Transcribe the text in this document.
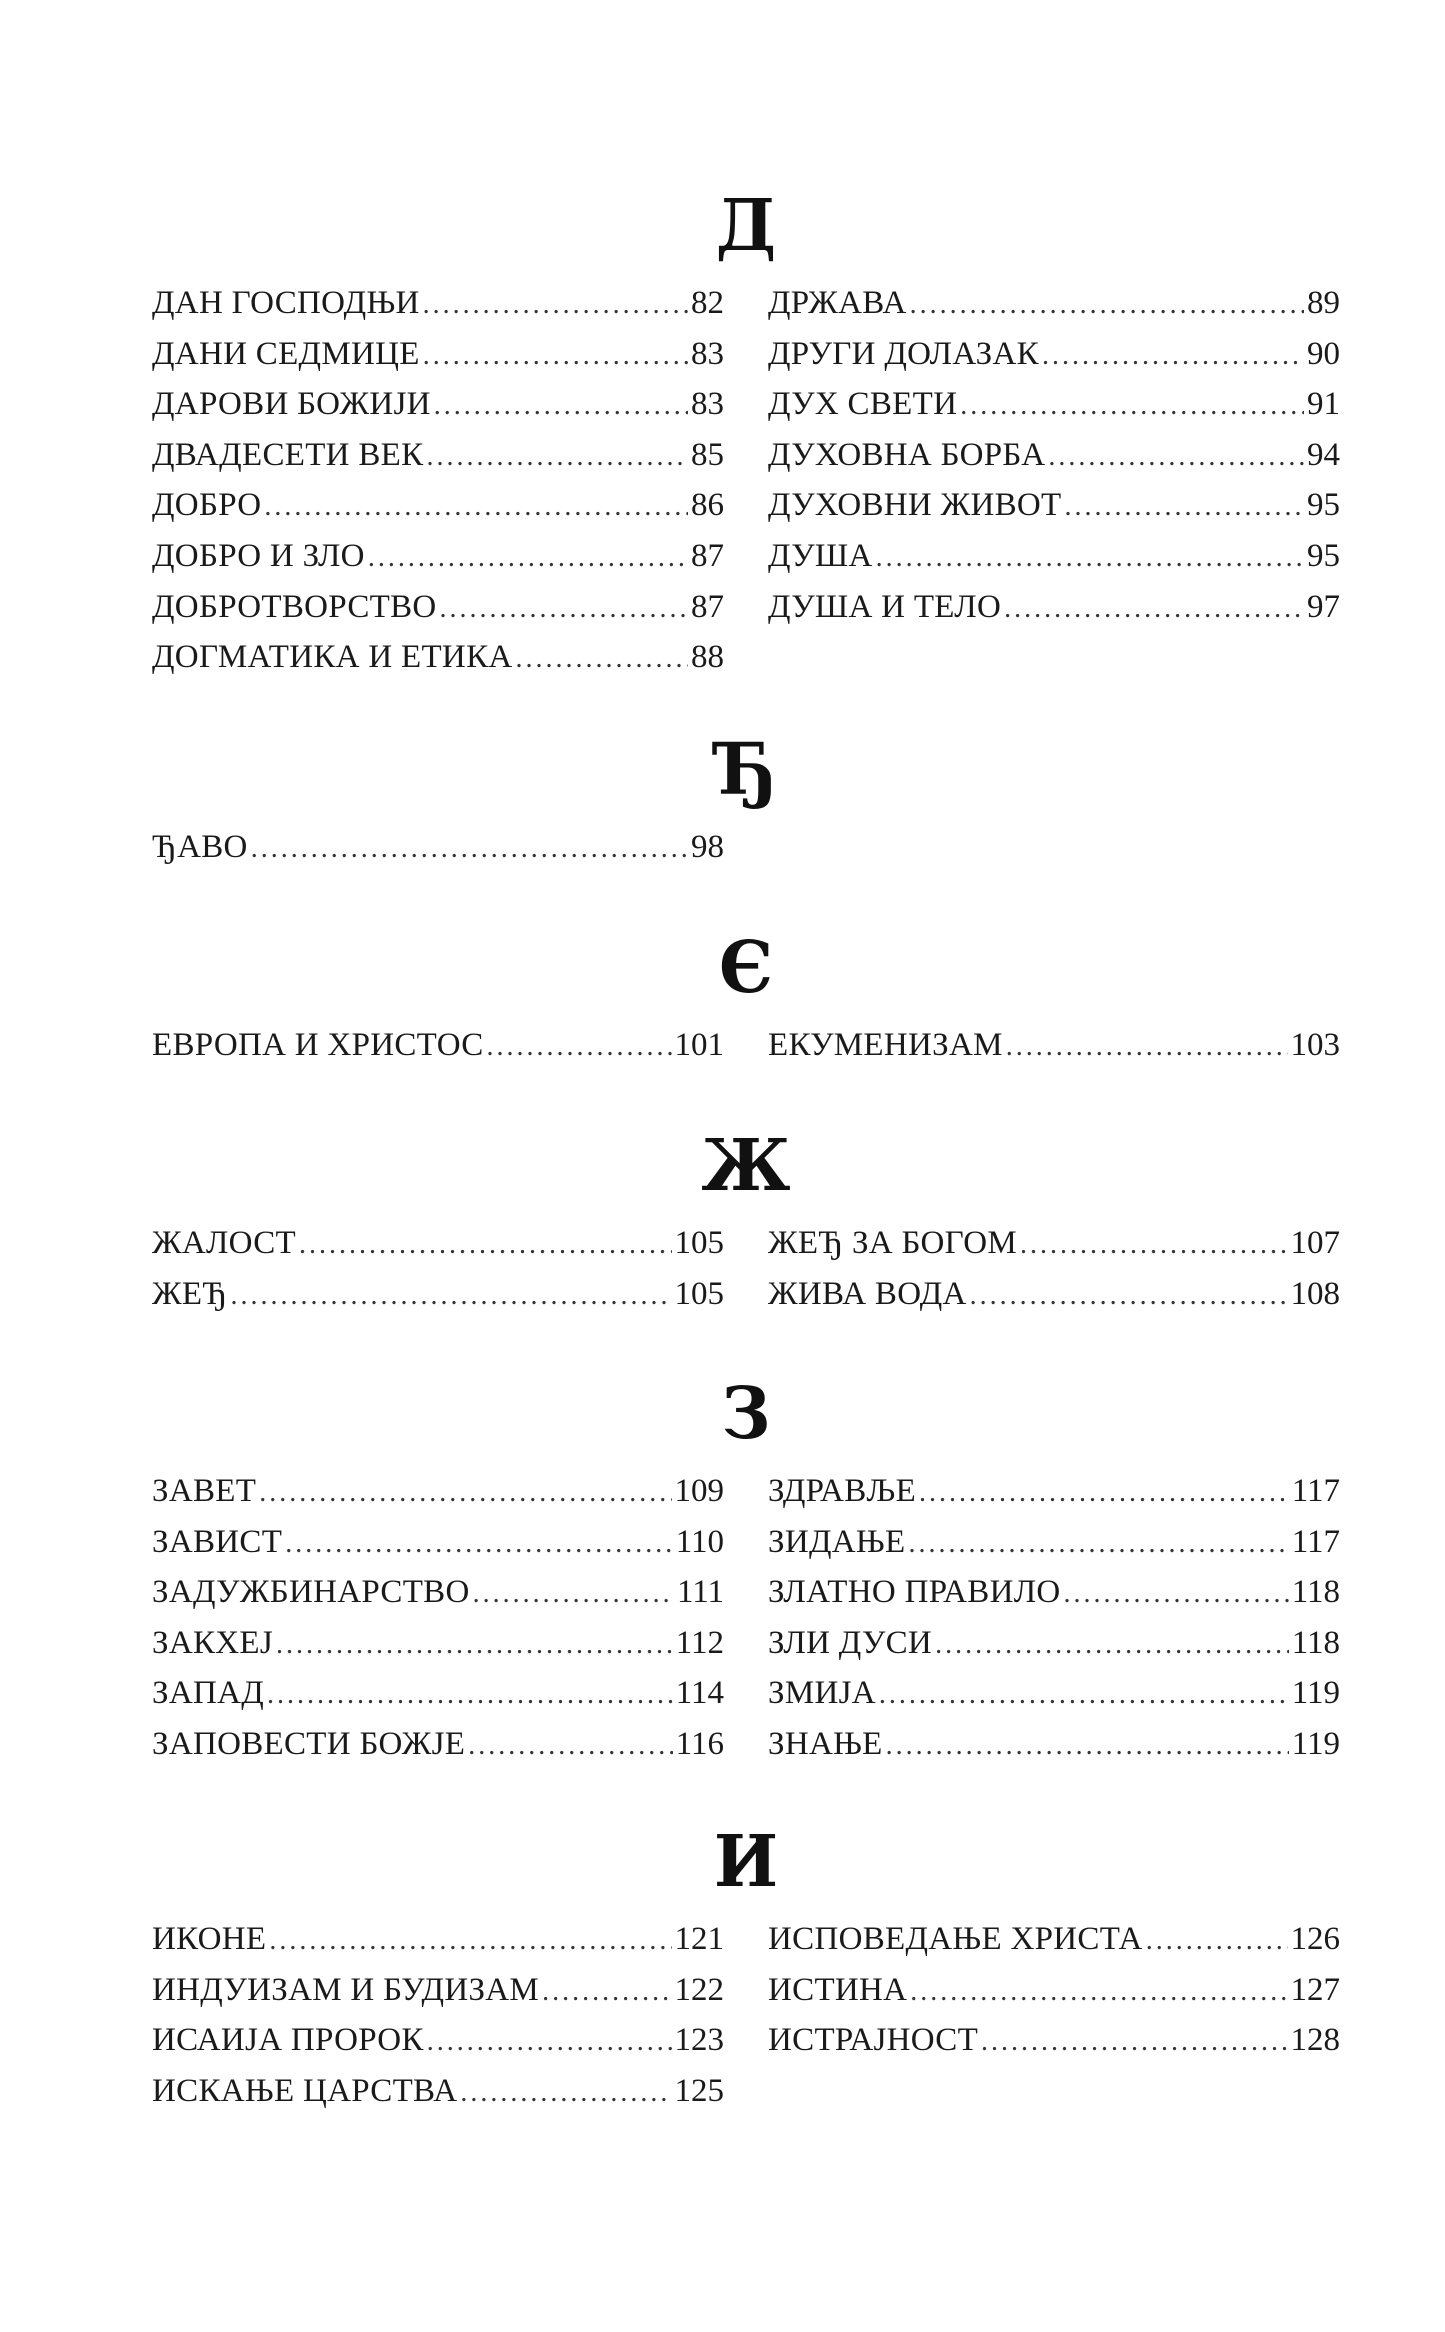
Д
ДАН ГОСПОДЊИ .....	82
ДАНИ СЕДМИЦЕ .....	83
ДАРОВИ БОЖИЈИ .....	83
ДВАДЕСЕТИ ВЕК .....	85
ДОБРО .....	86
ДОБРО И ЗЛО .....	87
ДОБРОТВОРСТВО .....	87
ДОГМАТИКА И ЕТИКА .....	88
ДРЖАВА .....	89
ДРУГИ ДОЛАЗАК .....	90
ДУХ СВЕТИ .....	91
ДУХОВНА БОРБА .....	94
ДУХОВНИ ЖИВОТ .....	95
ДУША .....	95
ДУША И ТЕЛО .....	97
Ђ
ЂАВО .....	98
Є
ЕВРОПА И ХРИСТОС .....	101 ЕКУМЕНИЗАМ .....	103
Ж
ЖАЛОСТ .....	105
ЖЕЂ .....	105
ЖЕЂ ЗА БОГОМ .....	107
ЖИВА ВОДА .....	108
З
ЗАВЕТ .....	109
ЗАВИСТ .....	110
ЗАДУЖБИНАРСТВО .....	111
ЗАКХЕЈ .....	112
ЗАПАД .....	114
ЗАПОВЕСТИ БОЖЈЕ .....	116
ЗДРАВЉЕ .....	117
ЗИДАЊЕ .....	117
ЗЛАТНО ПРАВИЛО .....	118
ЗЛИ ДУСИ .....	118
ЗМИЈА .....	119
ЗНАЊЕ .....	119
И
ИКОНЕ .....	121
ИНДУИЗАМ И БУДИЗАМ .....	122
ИСАИЈА ПРОРОК .....	123
ИСКАЊЕ ЦАРСТВА .....	125
ИСПОВЕДАЊЕ ХРИСТА .....	126
ИСТИНА .....	127
ИСТРАЈНОСТ .....	128
